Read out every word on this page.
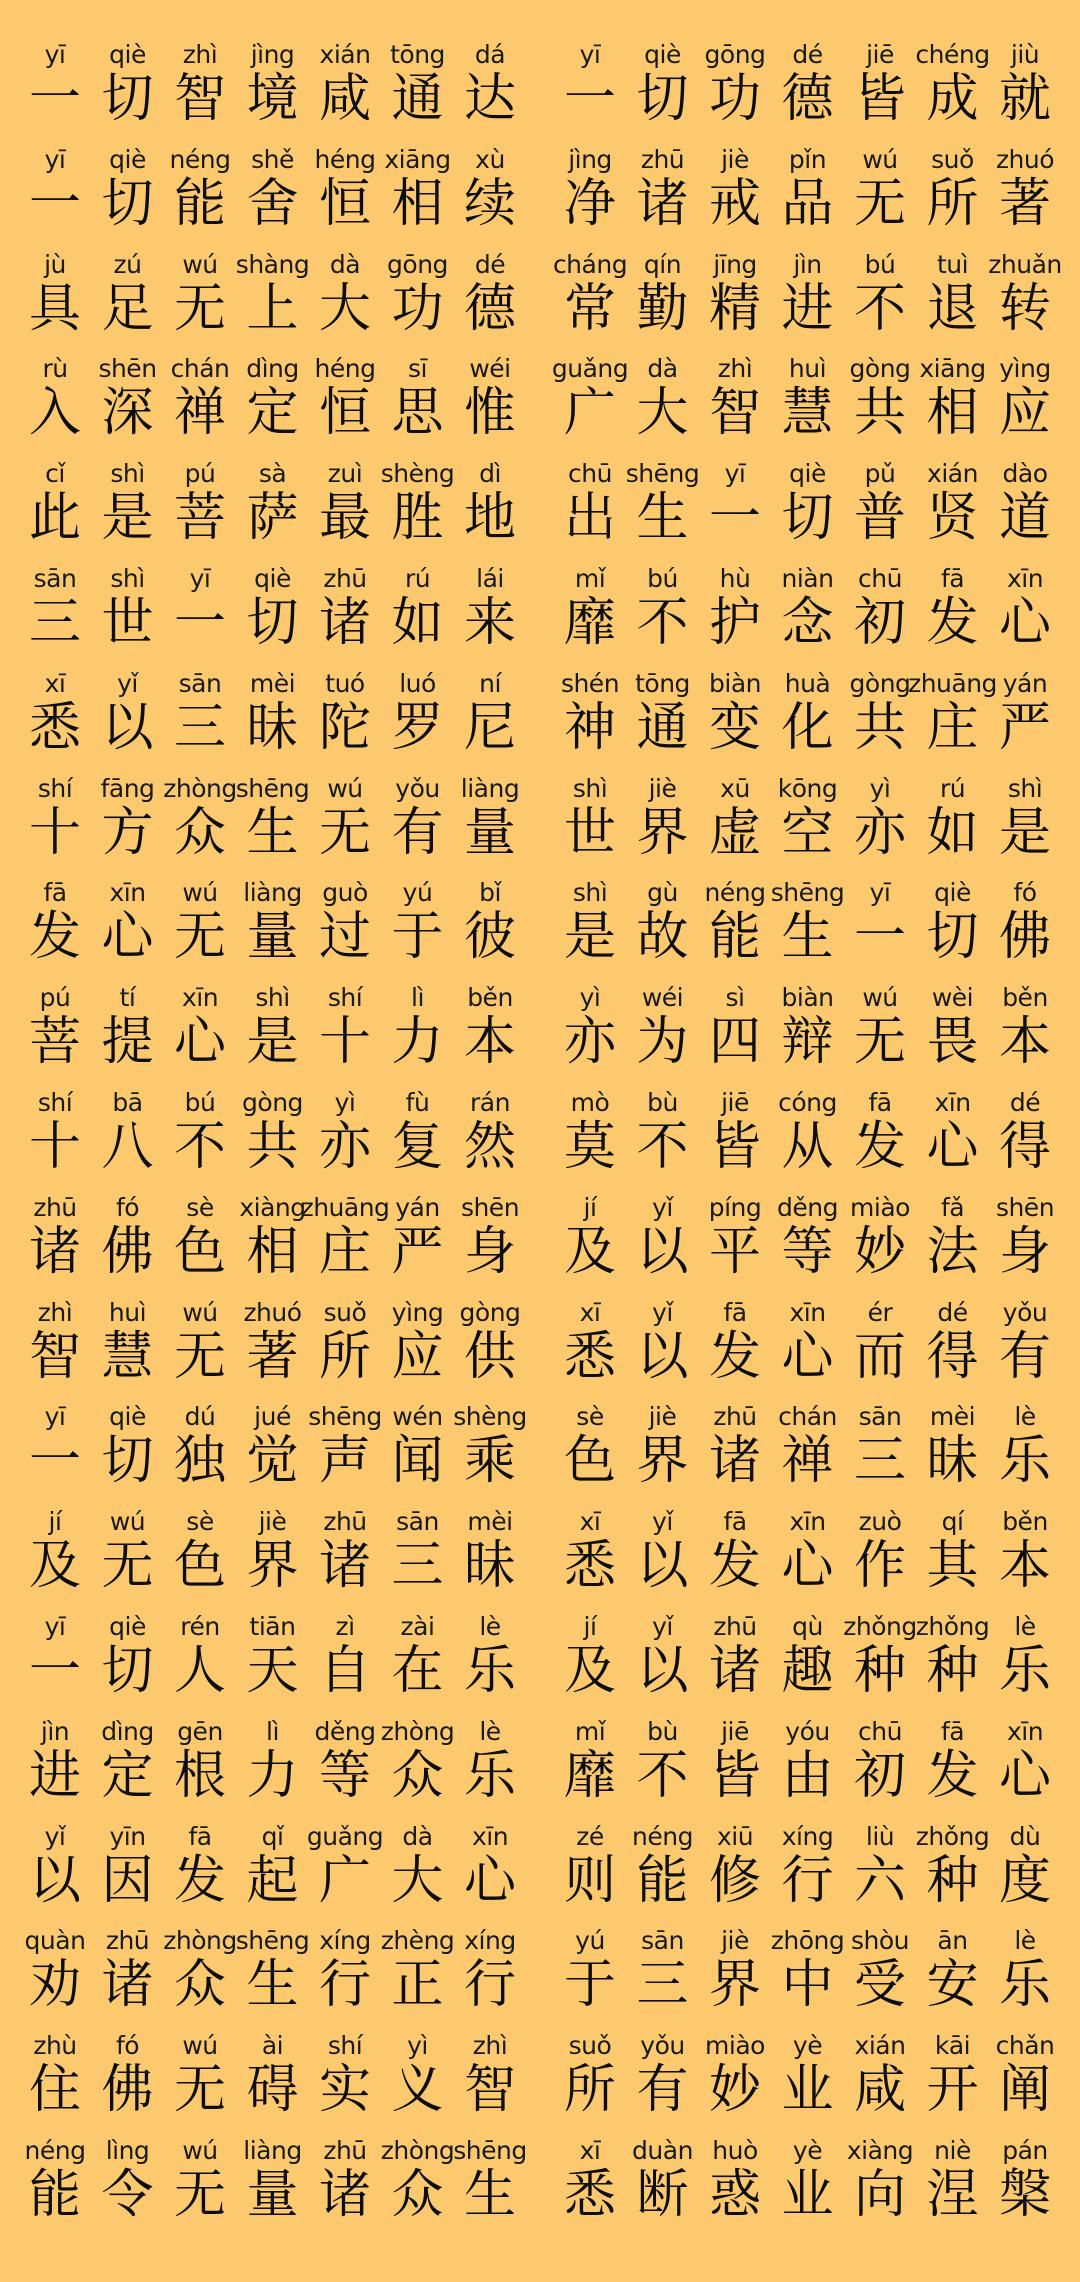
yī
一
qiè
切
zhì
智
jìng
境
xián
咸
tōng
通
dá
达
yī
一
qiè
切
néng
能
shě
舍
héng
恒
xiāng
相
xù
续
jù
具
zú
足
wú
无
shàng
上
dà
大
gōng
功
dé
德
rù
入
shēn
深
chán
禅
dìng
定
héng
恒
sī
思
wéi
惟
cǐ
此
shì
是
pú
菩
sà
萨
zuì
最
shèng
胜
dì
地
sān
三
shì
世
yī
一
qiè
切
zhū
诸
rú
如
lái
来
xī
悉
yǐ
以
sān
三
mèi
昧
tuó
陀
luó
罗
ní
尼
shí
十
fāng
方
zhòng
众
shēng
生
wú
无
yǒu
有
liàng
量
fā
发
xīn
心
wú
无
liàng
量
guò
过
yú
于
bǐ
彼
pú
菩
tí
提
xīn
心
shì
是
shí
十
lì
力
běn
本
shí
十
bā
八
bú
不
gòng
共
yì
亦
fù
复
rán
然
zhū
诸
fó
佛
sè
色
xiàng
相
zhuāng
庄
yán
严
shēn
身
zhì
智
huì
慧
wú
无
zhuó
著
suǒ
所
yìng
应
gòng
供
yī
一
qiè
切
dú
独
jué
觉
shēng
声
wén
闻
shèng
乘
jí
及
wú
无
sè
色
jiè
界
zhū
诸
sān
三
mèi
昧
yī
一
qiè
切
rén
人
tiān
天
zì
自
zài
在
lè
乐
jìn
进
dìng
定
gēn
根
lì
力
děng
等
zhòng
众
lè
乐
yǐ
以
yīn
因
fā
发
qǐ
起
guǎng
广
dà
大
xīn
心
quàn
劝
zhū
诸
zhòng
众
shēng
生
xíng
行
zhèng
正
xíng
行
zhù
住
fó
佛
wú
无
ài
碍
shí
实
yì
义
zhì
智
néng
能
lìng
令
wú
无
liàng
量
zhū
诸
zhòng
众
shēng
生
yī
一
qiè
切
gōng
功
dé
德
jiē
皆
chéng
成
jiù
就
jìng
净
zhū
诸
jiè
戒
pǐn
品
wú
无
suǒ
所
zhuó
著
cháng
常
qín
勤
jīng
精
jìn
进
bú
不
tuì
退
zhuǎn
转
guǎng
广
dà
大
zhì
智
huì
慧
gòng
共
xiāng
相
yìng
应
chū
出
shēng
生
yī
一
qiè
切
pǔ
普
xián
贤
dào
道
mǐ
靡
bú
不
hù
护
niàn
念
chū
初
fā
发
xīn
心
shén
神
tōng
通
biàn
变
huà
化
gòng
共
zhuāng
庄
yán
严
shì
世
jiè
界
xū
虚
kōng
空
yì
亦
rú
如
shì
是
shì
是
gù
故
néng
能
shēng
生
yī
一
qiè
切
fó
佛
yì
亦
wéi
为
sì
四
biàn
辩
wú
无
wèi
畏
běn
本
mò
莫
bù
不
jiē
皆
cóng
从
fā
发
xīn
心
dé
得
jí
及
yǐ
以
píng
平
děng
等
miào
妙
fǎ
法
shēn
身
xī
悉
yǐ
以
fā
发
xīn
心
ér
而
dé
得
yǒu
有
sè
色
jiè
界
zhū
诸
chán
禅
sān
三
mèi
昧
lè
乐
xī
悉
yǐ
以
fā
发
xīn
心
zuò
作
qí
其
běn
本
jí
及
yǐ
以
zhū
诸
qù
趣
zhǒng
种
zhǒng
种
lè
乐
mǐ
靡
bù
不
jiē
皆
yóu
由
chū
初
fā
发
xīn
心
zé
则
néng
能
xiū
修
xíng
行
liù
六
zhǒng
种
dù
度
yú
于
sān
三
jiè
界
zhōng
中
shòu
受
ān
安
lè
乐
suǒ
所
yǒu
有
miào
妙
yè
业
xián
咸
kāi
开
chǎn
阐
xī
悉
duàn
断
huò
惑
yè
业
xiàng
向
niè
涅
pán
槃
